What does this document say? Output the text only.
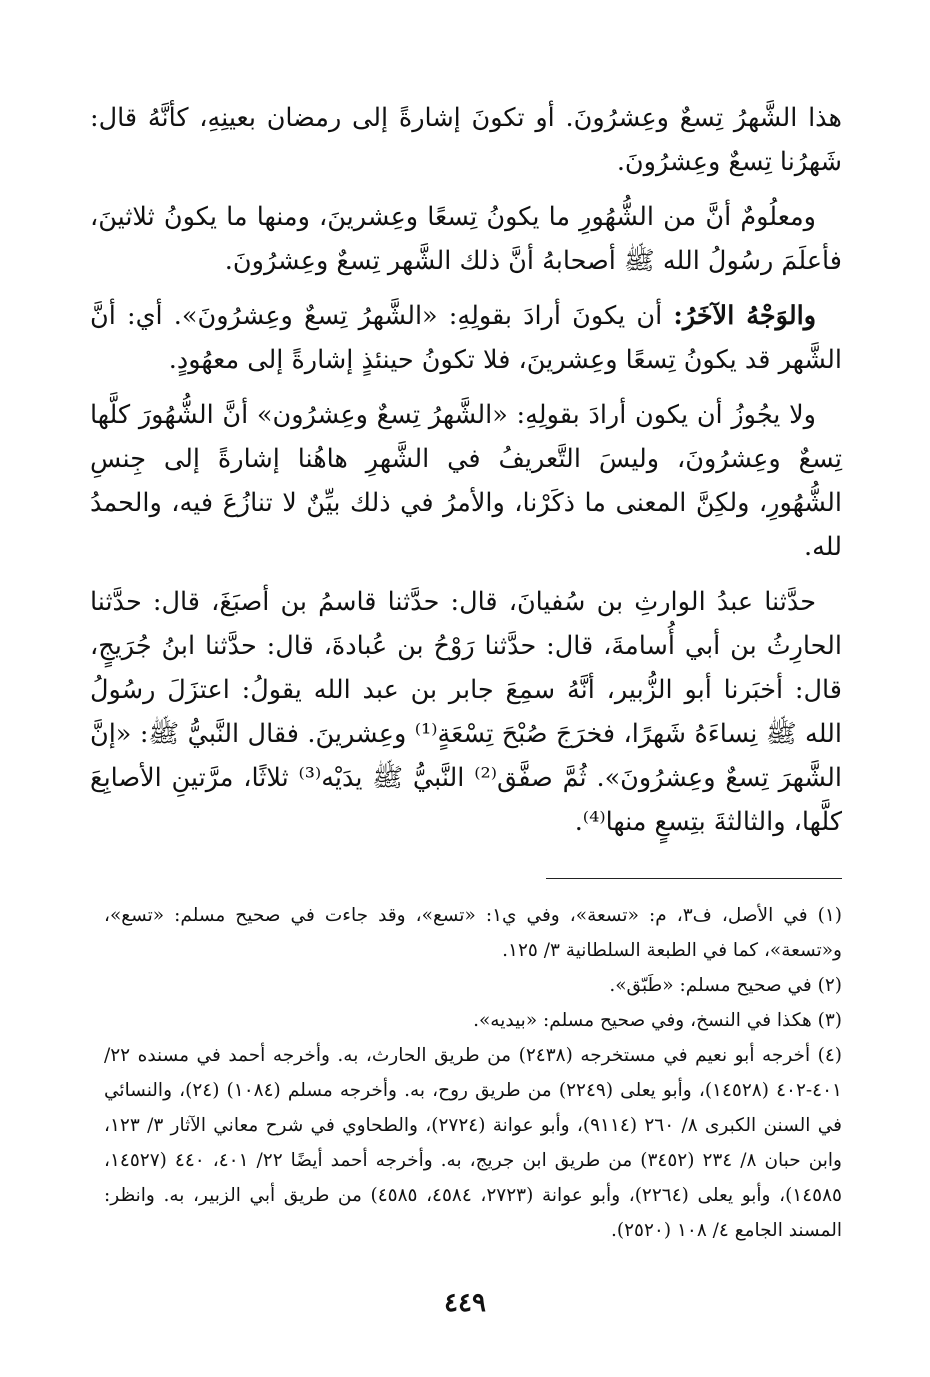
هذا الشَّهرُ تِسعٌ وعِشرُونَ. أو تكونَ إشارةً إلى رمضان بعينِهِ، كأنَّهُ قال: شَهرُنا تِسعٌ وعِشرُونَ.

ومعلُومٌ أنَّ من الشُّهُورِ ما يكونُ تِسعًا وعِشرينَ، ومنها ما يكونُ ثلاثينَ، فأعلَمَ رسُولُ الله ﷺ أصحابهُ أنَّ ذلك الشَّهر تِسعٌ وعِشرُونَ.

والوَجْهُ الآخَرُ: أن يكونَ أرادَ بقولِهِ: «الشَّهرُ تِسعٌ وعِشرُونَ». أي: أنَّ الشَّهر قد يكونُ تِسعًا وعِشرينَ، فلا تكونُ حينئذٍ إشارةً إلى معهُودٍ.

ولا يجُوزُ أن يكون أرادَ بقولِهِ: «الشَّهرُ تِسعٌ وعِشرُون» أنَّ الشُّهُورَ كلَّها تِسعٌ وعِشرُونَ، وليسَ التَّعريفُ في الشَّهرِ هاهُنا إشارةً إلى جِنسِ الشُّهُورِ، ولكِنَّ المعنى ما ذكَرْنا، والأمرُ في ذلك بيِّنٌ لا تنازُعَ فيه، والحمدُ لله.

حدَّثنا عبدُ الوارثِ بن سُفيانَ، قال: حدَّثنا قاسمُ بن أصبَغَ، قال: حدَّثنا الحارِثُ بن أبي أُسامةَ، قال: حدَّثنا رَوْحُ بن عُبادةَ، قال: حدَّثنا ابنُ جُرَيجٍ، قال: أخبَرنا أبو الزُّبير، أنَّهُ سمِعَ جابر بن عبد الله يقولُ: اعتزَلَ رسُولُ الله ﷺ نِساءَهُ شَهرًا، فخرَجَ صُبْحَ تِسْعَةٍ⁽¹⁾ وعِشرينَ. فقال النَّبيُّ ﷺ: «إنَّ الشَّهرَ تِسعٌ وعِشرُونَ». ثُمَّ صفَّق⁽²⁾ النَّبيُّ ﷺ يدَيْه⁽³⁾ ثلاثًا، مرَّتينِ الأصابِعَ كلَّها، والثالثةَ بتِسعٍ منها⁽⁴⁾.

(١) في الأصل، ف٣، م: «تسعة»، وفي ي١: «تسع»، وقد جاءت في صحيح مسلم: «تسع»، و«تسعة»، كما في الطبعة السلطانية ٣/ ١٢٥.

(٢) في صحيح مسلم: «طَبّق».

(٣) هكذا في النسخ، وفي صحيح مسلم: «بيديه».

(٤) أخرجه أبو نعيم في مستخرجه (٢٤٣٨) من طريق الحارث، به. وأخرجه أحمد في مسنده ٢٢/ ٤٠١-٤٠٢ (١٤٥٢٨)، وأبو يعلى (٢٢٤٩) من طريق روح، به. وأخرجه مسلم (١٠٨٤) (٢٤)، والنسائي في السنن الكبرى ٨/ ٢٦٠ (٩١١٤)، وأبو عوانة (٢٧٢٤)، والطحاوي في شرح معاني الآثار ٣/ ١٢٣، وابن حبان ٨/ ٢٣٤ (٣٤٥٢) من طريق ابن جريج، به. وأخرجه أحمد أيضًا ٢٢/ ٤٠١، ٤٤٠ (١٤٥٢٧، ١٤٥٨٥)، وأبو يعلى (٢٢٦٤)، وأبو عوانة (٢٧٢٣، ٤٥٨٤، ٤٥٨٥) من طريق أبي الزبير، به. وانظر: المسند الجامع ٤/ ١٠٨ (٢٥٢٠).

٤٤٩
